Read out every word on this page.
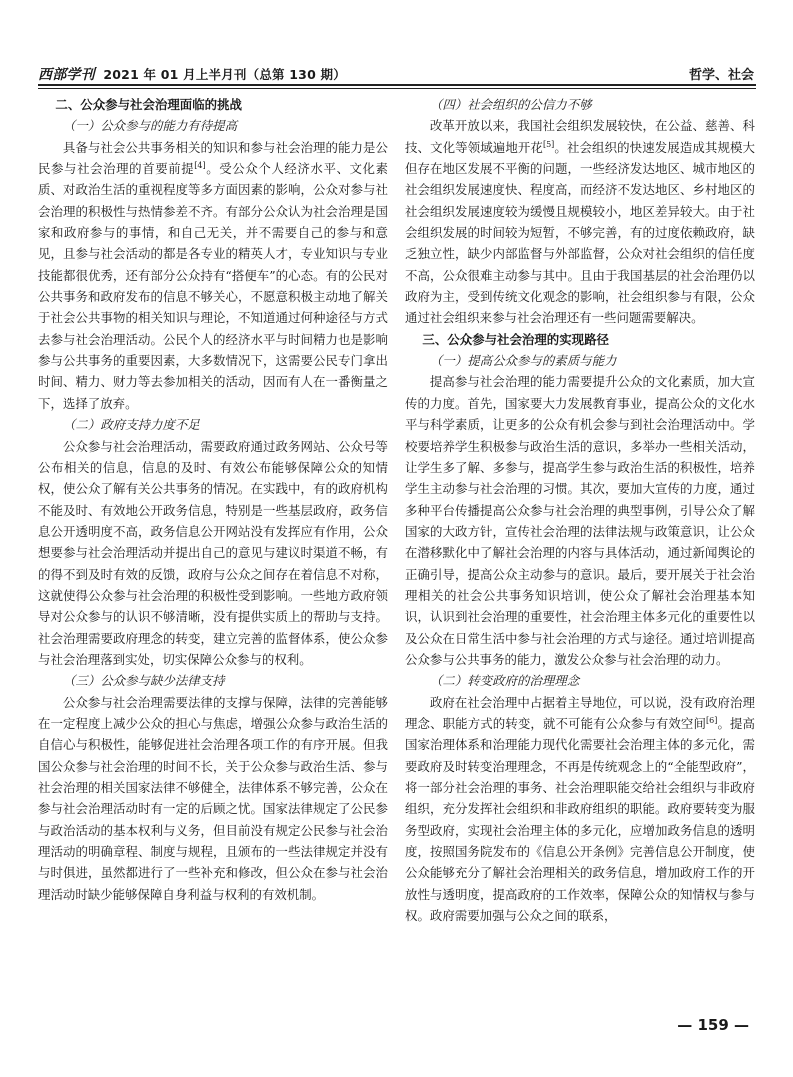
西部学刊 2021 年 01 月上半月刊（总第 130 期）	哲学、社会
二、公众参与社会治理面临的挑战
（一）公众参与的能力有待提高
具备与社会公共事务相关的知识和参与社会治理的能力是公民参与社会治理的首要前提[4]。受公众个人经济水平、文化素质、对政治生活的重视程度等多方面因素的影响，公众对参与社会治理的积极性与热情参差不齐。有部分公众认为社会治理是国家和政府参与的事情，和自己无关，并不需要自己的参与和意见，且参与社会活动的都是各专业的精英人才，专业知识与专业技能都很优秀，还有部分公众持有“搭便车”的心态。有的公民对公共事务和政府发布的信息不够关心，不愿意积极主动地了解关于社会公共事物的相关知识与理论，不知道通过何种途径与方式去参与社会治理活动。公民个人的经济水平与时间精力也是影响参与公共事务的重要因素，大多数情况下，这需要公民专门拿出时间、精力、财力等去参加相关的活动，因而有人在一番衡量之下，选择了放弃。
（二）政府支持力度不足
公众参与社会治理活动，需要政府通过政务网站、公众号等公布相关的信息，信息的及时、有效公布能够保障公众的知情权，使公众了解有关公共事务的情况。在实践中，有的政府机构不能及时、有效地公开政务信息，特别是一些基层政府，政务信息公开透明度不高，政务信息公开网站没有发挥应有作用，公众想要参与社会治理活动并提出自己的意见与建议时渠道不畅，有的得不到及时有效的反馈，政府与公众之间存在着信息不对称，这就使得公众参与社会治理的积极性受到影响。一些地方政府领导对公众参与的认识不够清晰，没有提供实质上的帮助与支持。社会治理需要政府理念的转变，建立完善的监督体系，使公众参与社会治理落到实处，切实保障公众参与的权利。
（三）公众参与缺少法律支持
公众参与社会治理需要法律的支撑与保障，法律的完善能够在一定程度上减少公众的担心与焦虑，增强公众参与政治生活的自信心与积极性，能够促进社会治理各项工作的有序开展。但我国公众参与社会治理的时间不长，关于公众参与政治生活、参与社会治理的相关国家法律不够健全，法律体系不够完善，公众在参与社会治理活动时有一定的后顾之忧。国家法律规定了公民参与政治活动的基本权利与义务，但目前没有规定公民参与社会治理活动的明确章程、制度与规程，且颁布的一些法律规定并没有与时俱进，虽然都进行了一些补充和修改，但公众在参与社会治理活动时缺少能够保障自身利益与权利的有效机制。
（四）社会组织的公信力不够
改革开放以来，我国社会组织发展较快，在公益、慈善、科技、文化等领域遍地开花[5]。社会组织的快速发展造成其规模大但存在地区发展不平衡的问题，一些经济发达地区、城市地区的社会组织发展速度快、程度高，而经济不发达地区、乡村地区的社会组织发展速度较为缓慢且规模较小，地区差异较大。由于社会组织发展的时间较为短暂，不够完善，有的过度依赖政府，缺乏独立性，缺少内部监督与外部监督，公众对社会组织的信任度不高，公众很难主动参与其中。且由于我国基层的社会治理仍以政府为主，受到传统文化观念的影响，社会组织参与有限，公众通过社会组织来参与社会治理还有一些问题需要解决。
三、公众参与社会治理的实现路径
（一）提高公众参与的素质与能力
提高参与社会治理的能力需要提升公众的文化素质，加大宣传的力度。首先，国家要大力发展教育事业，提高公众的文化水平与科学素质，让更多的公众有机会参与到社会治理活动中。学校要培养学生积极参与政治生活的意识，多举办一些相关活动，让学生多了解、多参与，提高学生参与政治生活的积极性，培养学生主动参与社会治理的习惯。其次，要加大宣传的力度，通过多种平台传播提高公众参与社会治理的典型事例，引导公众了解国家的大政方针，宣传社会治理的法律法规与政策意识，让公众在潜移默化中了解社会治理的内容与具体活动，通过新闻舆论的正确引导，提高公众主动参与的意识。最后，要开展关于社会治理相关的社会公共事务知识培训，使公众了解社会治理基本知识，认识到社会治理的重要性，社会治理主体多元化的重要性以及公众在日常生活中参与社会治理的方式与途径。通过培训提高公众参与公共事务的能力，激发公众参与社会治理的动力。
（二）转变政府的治理理念
政府在社会治理中占据着主导地位，可以说，没有政府治理理念、职能方式的转变，就不可能有公众参与有效空间[6]。提高国家治理体系和治理能力现代化需要社会治理主体的多元化，需要政府及时转变治理理念，不再是传统观念上的“全能型政府”，将一部分社会治理的事务、社会治理职能交给社会组织与非政府组织，充分发挥社会组织和非政府组织的职能。政府要转变为服务型政府，实现社会治理主体的多元化，应增加政务信息的透明度，按照国务院发布的《信息公开条例》完善信息公开制度，使公众能够充分了解社会治理相关的政务信息，增加政府工作的开放性与透明度，提高政府的工作效率，保障公众的知情权与参与权。政府需要加强与公众之间的联系，
— 159 —
